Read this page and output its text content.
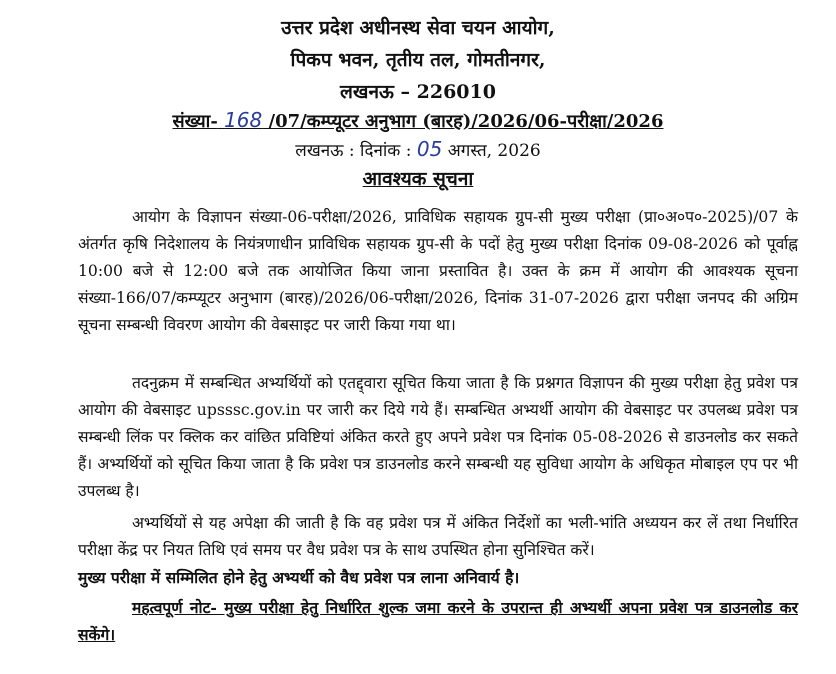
उत्तर प्रदेश अधीनस्थ सेवा चयन आयोग,
पिकप भवन, तृतीय तल, गोमतीनगर,
लखनऊ – 226010
संख्या- 168 /07/कम्प्यूटर अनुभाग (बारह)/2026/06-परीक्षा/2026
लखनऊ : दिनांक : 05 अगस्त, 2026
आवश्यक सूचना
आयोग के विज्ञापन संख्या-06-परीक्षा/2026, प्राविधिक सहायक ग्रुप-सी मुख्य परीक्षा (प्रा०अ०प०-2025)/07 के अंतर्गत कृषि निदेशालय के नियंत्रणाधीन प्राविधिक सहायक ग्रुप-सी के पदों हेतु मुख्य परीक्षा दिनांक 09-08-2026 को पूर्वाह्न 10:00 बजे से 12:00 बजे तक आयोजित किया जाना प्रस्तावित है। उक्त के क्रम में आयोग की आवश्यक सूचना संख्या-166/07/कम्प्यूटर अनुभाग (बारह)/2026/06-परीक्षा/2026, दिनांक 31-07-2026 द्वारा परीक्षा जनपद की अग्रिम सूचना सम्बन्धी विवरण आयोग की वेबसाइट पर जारी किया गया था।
तदनुक्रम में सम्बन्धित अभ्यर्थियों को एतद्द्वारा सूचित किया जाता है कि प्रश्नगत विज्ञापन की मुख्य परीक्षा हेतु प्रवेश पत्र आयोग की वेबसाइट upsssc.gov.in पर जारी कर दिये गये हैं। सम्बन्धित अभ्यर्थी आयोग की वेबसाइट पर उपलब्ध प्रवेश पत्र सम्बन्धी लिंक पर क्लिक कर वांछित प्रविष्टियां अंकित करते हुए अपने प्रवेश पत्र दिनांक 05-08-2026 से डाउनलोड कर सकते हैं। अभ्यर्थियों को सूचित किया जाता है कि प्रवेश पत्र डाउनलोड करने सम्बन्धी यह सुविधा आयोग के अधिकृत मोबाइल एप पर भी उपलब्ध है।
अभ्यर्थियों से यह अपेक्षा की जाती है कि वह प्रवेश पत्र में अंकित निर्देशों का भली-भांति अध्ययन कर लें तथा निर्धारित परीक्षा केंद्र पर नियत तिथि एवं समय पर वैध प्रवेश पत्र के साथ उपस्थित होना सुनिश्चित करें।
मुख्य परीक्षा में सम्मिलित होने हेतु अभ्यर्थी को वैध प्रवेश पत्र लाना अनिवार्य है।
महत्वपूर्ण नोट- मुख्य परीक्षा हेतु निर्धारित शुल्क जमा करने के उपरान्त ही अभ्यर्थी अपना प्रवेश पत्र डाउनलोड कर सकेंगे।
